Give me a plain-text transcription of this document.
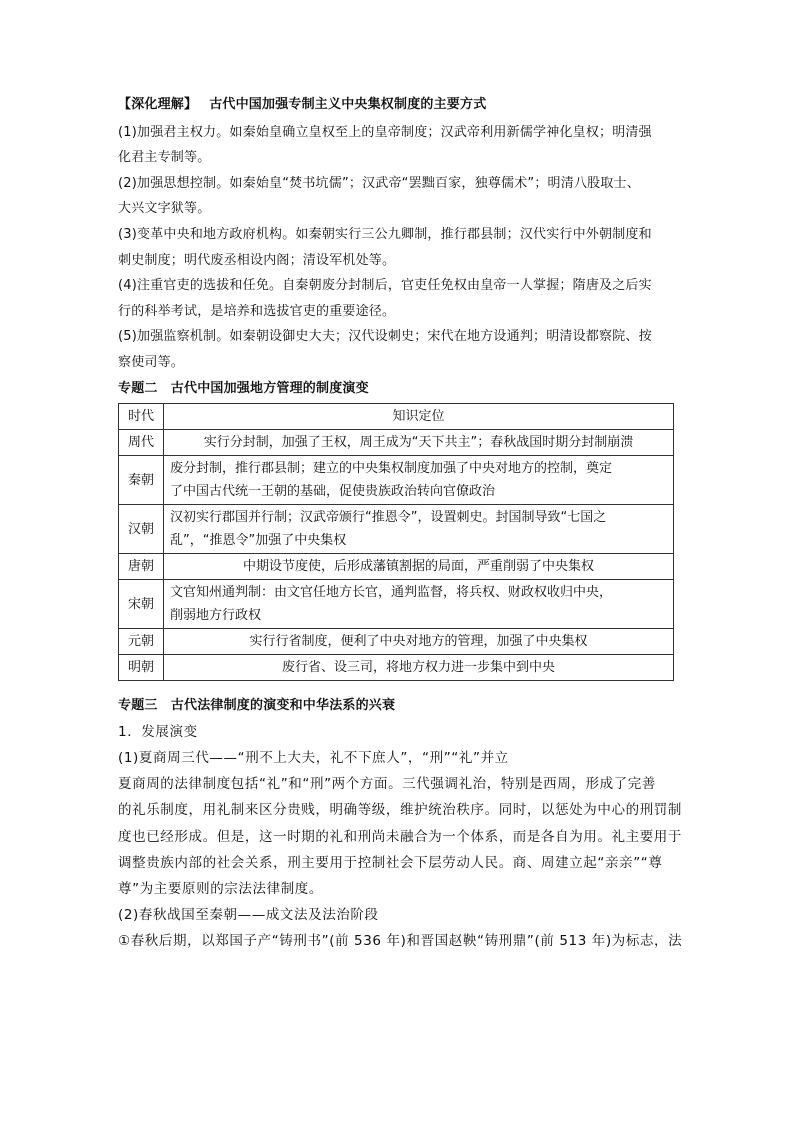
【深化理解】 古代中国加强专制主义中央集权制度的主要方式
(1)加强君主权力。如秦始皇确立皇权至上的皇帝制度；汉武帝利用新儒学神化皇权；明清强
化君主专制等。
(2)加强思想控制。如秦始皇“焚书坑儒”；汉武帝“罢黜百家，独尊儒术”；明清八股取士、
大兴文字狱等。
(3)变革中央和地方政府机构。如秦朝实行三公九卿制，推行郡县制；汉代实行中外朝制度和
刺史制度；明代废丞相设内阁；清设军机处等。
(4)注重官吏的选拔和任免。自秦朝废分封制后，官吏任免权由皇帝一人掌握；隋唐及之后实
行的科举考试，是培养和选拔官吏的重要途径。
(5)加强监察机制。如秦朝设御史大夫；汉代设刺史；宋代在地方设通判；明清设都察院、按
察使司等。
专题二　古代中国加强地方管理的制度演变
时代	知识定位
周代	实行分封制，加强了王权，周王成为“天下共主”；春秋战国时期分封制崩溃
秦朝	废分封制，推行郡县制；建立的中央集权制度加强了中央对地方的控制，奠定
了中国古代统一王朝的基础，促使贵族政治转向官僚政治

汉朝	汉初实行郡国并行制；汉武帝颁行“推恩令”，设置刺史。封国制导致“七国之
乱”，“推恩令”加强了中央集权

唐朝	中期设节度使，后形成藩镇割据的局面，严重削弱了中央集权
宋朝	文官知州通判制：由文官任地方长官，通判监督，将兵权、财政权收归中央，
削弱地方行政权

元朝	实行行省制度，便利了中央对地方的管理，加强了中央集权
明朝	废行省、设三司，将地方权力进一步集中到中央
专题三　古代法律制度的演变和中华法系的兴衰
1．发展演变
(1)夏商周三代——“刑不上大夫，礼不下庶人”，“刑”“礼”并立
夏商周的法律制度包括“礼”和“刑”两个方面。三代强调礼治，特别是西周，形成了完善
的礼乐制度，用礼制来区分贵贱，明确等级，维护统治秩序。同时，以惩处为中心的刑罚制
度也已经形成。但是，这一时期的礼和刑尚未融合为一个体系，而是各自为用。礼主要用于
调整贵族内部的社会关系，刑主要用于控制社会下层劳动人民。商、周建立起“亲亲”“尊
尊”为主要原则的宗法法律制度。
(2)春秋战国至秦朝——成文法及法治阶段
①春秋后期，以郑国子产“铸刑书”(前 536 年)和晋国赵鞅“铸刑鼎”(前 513 年)为标志，法
